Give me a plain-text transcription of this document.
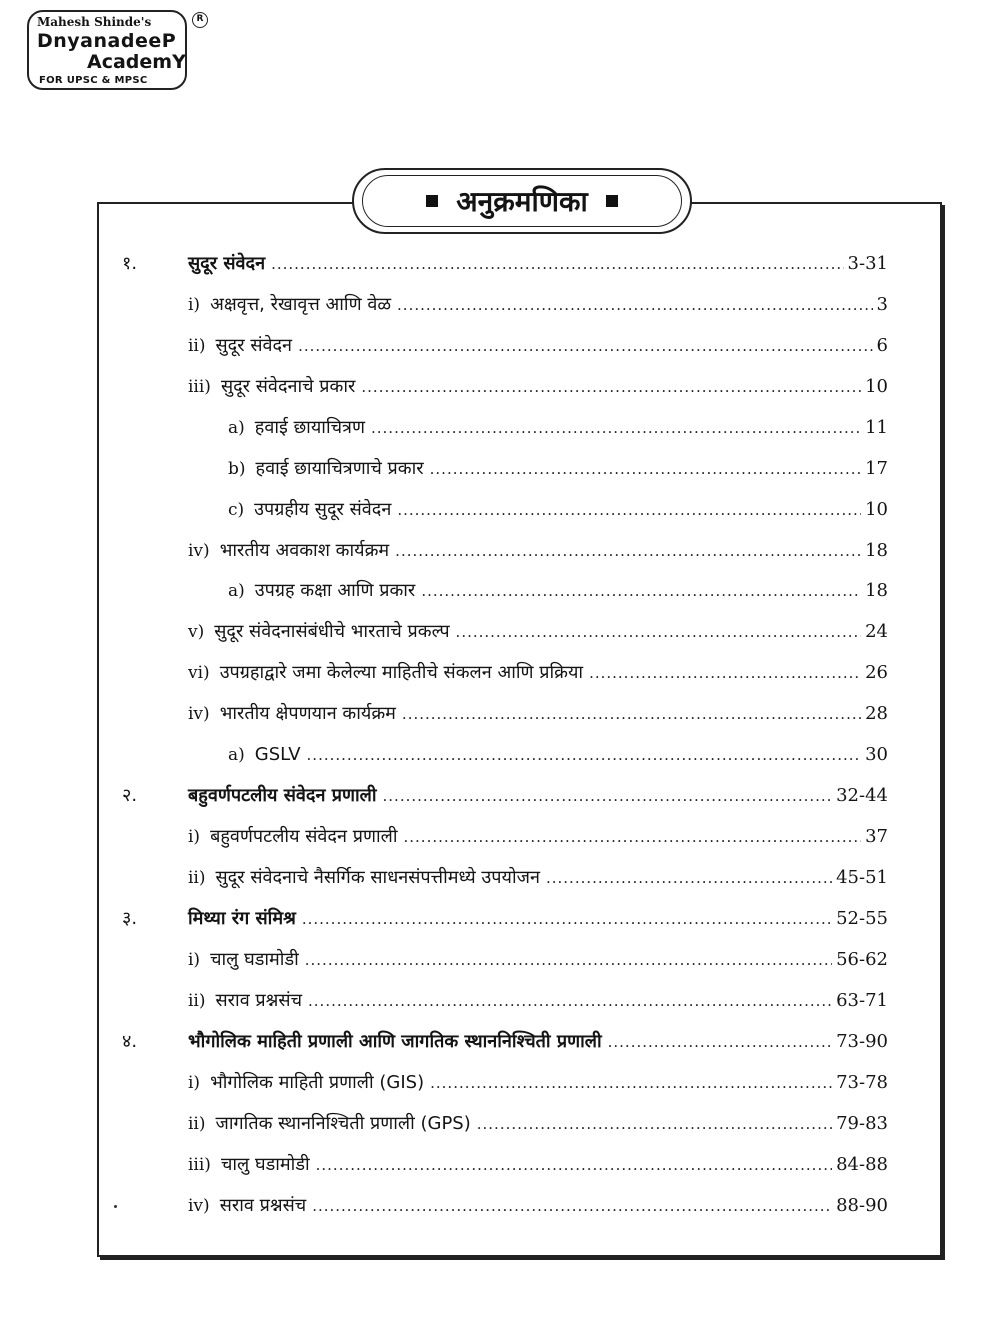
Mahesh Shinde's
DnyanadeeP
AcademY
FOR UPSC & MPSC
R
अनुक्रमणिका
१.	सुदूर संवेदन .....	3-31
i) अक्षवृत्त, रेखावृत्त आणि वेळ .....	3
ii) सुदूर संवेदन .....	6
iii) सुदूर संवेदनाचे प्रकार .....	10
a) हवाई छायाचित्रण .....	11
b) हवाई छायाचित्रणाचे प्रकार .....	17
c) उपग्रहीय सुदूर संवेदन .....	10
iv) भारतीय अवकाश कार्यक्रम .....	18
a) उपग्रह कक्षा आणि प्रकार .....	18
v) सुदूर संवेदनासंबंधीचे भारताचे प्रकल्प .....	24
vi) उपग्रहाद्वारे जमा केलेल्या माहितीचे संकलन आणि प्रक्रिया .....	26
iv) भारतीय क्षेपणयान कार्यक्रम .....	28
a) GSLV .....	30
२.	बहुवर्णपटलीय संवेदन प्रणाली .....	32-44
i) बहुवर्णपटलीय संवेदन प्रणाली .....	37
ii) सुदूर संवेदनाचे नैसर्गिक साधनसंपत्तीमध्ये उपयोजन .....	45-51
३.	मिथ्या रंग संमिश्र .....	52-55
i) चालु घडामोडी .....	56-62
ii) सराव प्रश्नसंच .....	63-71
४.	भौगोलिक माहिती प्रणाली आणि जागतिक स्थाननिश्चिती प्रणाली .....	73-90
i) भौगोलिक माहिती प्रणाली (GIS) .....	73-78
ii) जागतिक स्थाननिश्चिती प्रणाली (GPS) .....	79-83
iii) चालु घडामोडी .....	84-88
iv) सराव प्रश्नसंच .....	88-90
